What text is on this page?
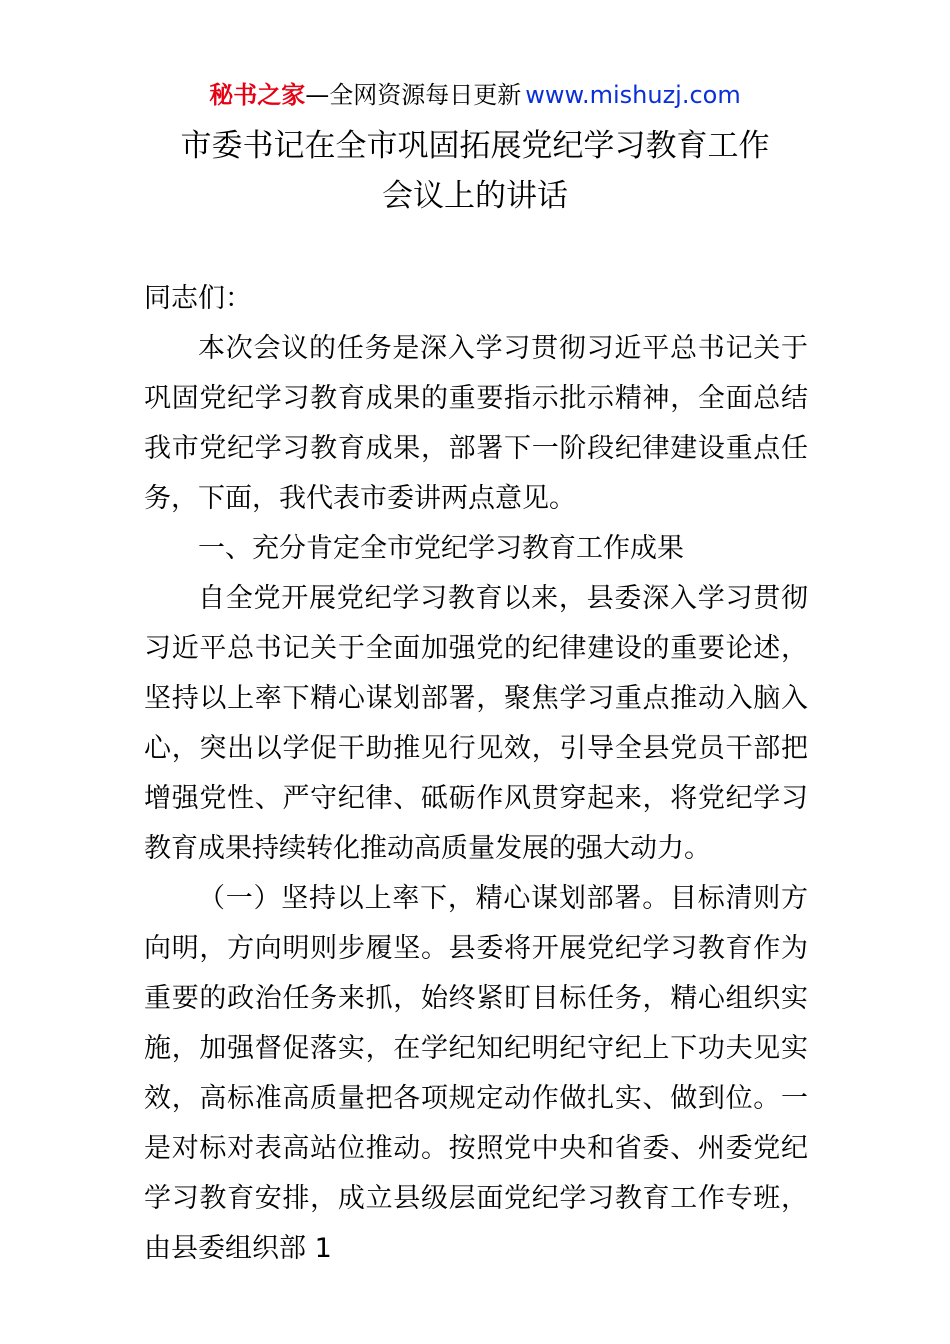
秘书之家—全网资源每日更新 www.mishuzj.com
市委书记在全市巩固拓展党纪学习教育工作
会议上的讲话

同志们：

本次会议的任务是深入学习贯彻习近平总书记关于巩固党纪学习教育成果的重要指示批示精神，全面总结我市党纪学习教育成果，部署下一阶段纪律建设重点任务，下面，我代表市委讲两点意见。

一、充分肯定全市党纪学习教育工作成果

自全党开展党纪学习教育以来，县委深入学习贯彻习近平总书记关于全面加强党的纪律建设的重要论述，坚持以上率下精心谋划部署，聚焦学习重点推动入脑入心，突出以学促干助推见行见效，引导全县党员干部把增强党性、严守纪律、砥砺作风贯穿起来，将党纪学习教育成果持续转化推动高质量发展的强大动力。

（一）坚持以上率下，精心谋划部署。目标清则方向明，方向明则步履坚。县委将开展党纪学习教育作为重要的政治任务来抓，始终紧盯目标任务，精心组织实施，加强督促落实，在学纪知纪明纪守纪上下功夫见实效，高标准高质量把各项规定动作做扎实、做到位。一是对标对表高站位推动。按照党中央和省委、州委党纪学习教育安排，成立县级层面党纪学习教育工作专班，由县委组织部 1
